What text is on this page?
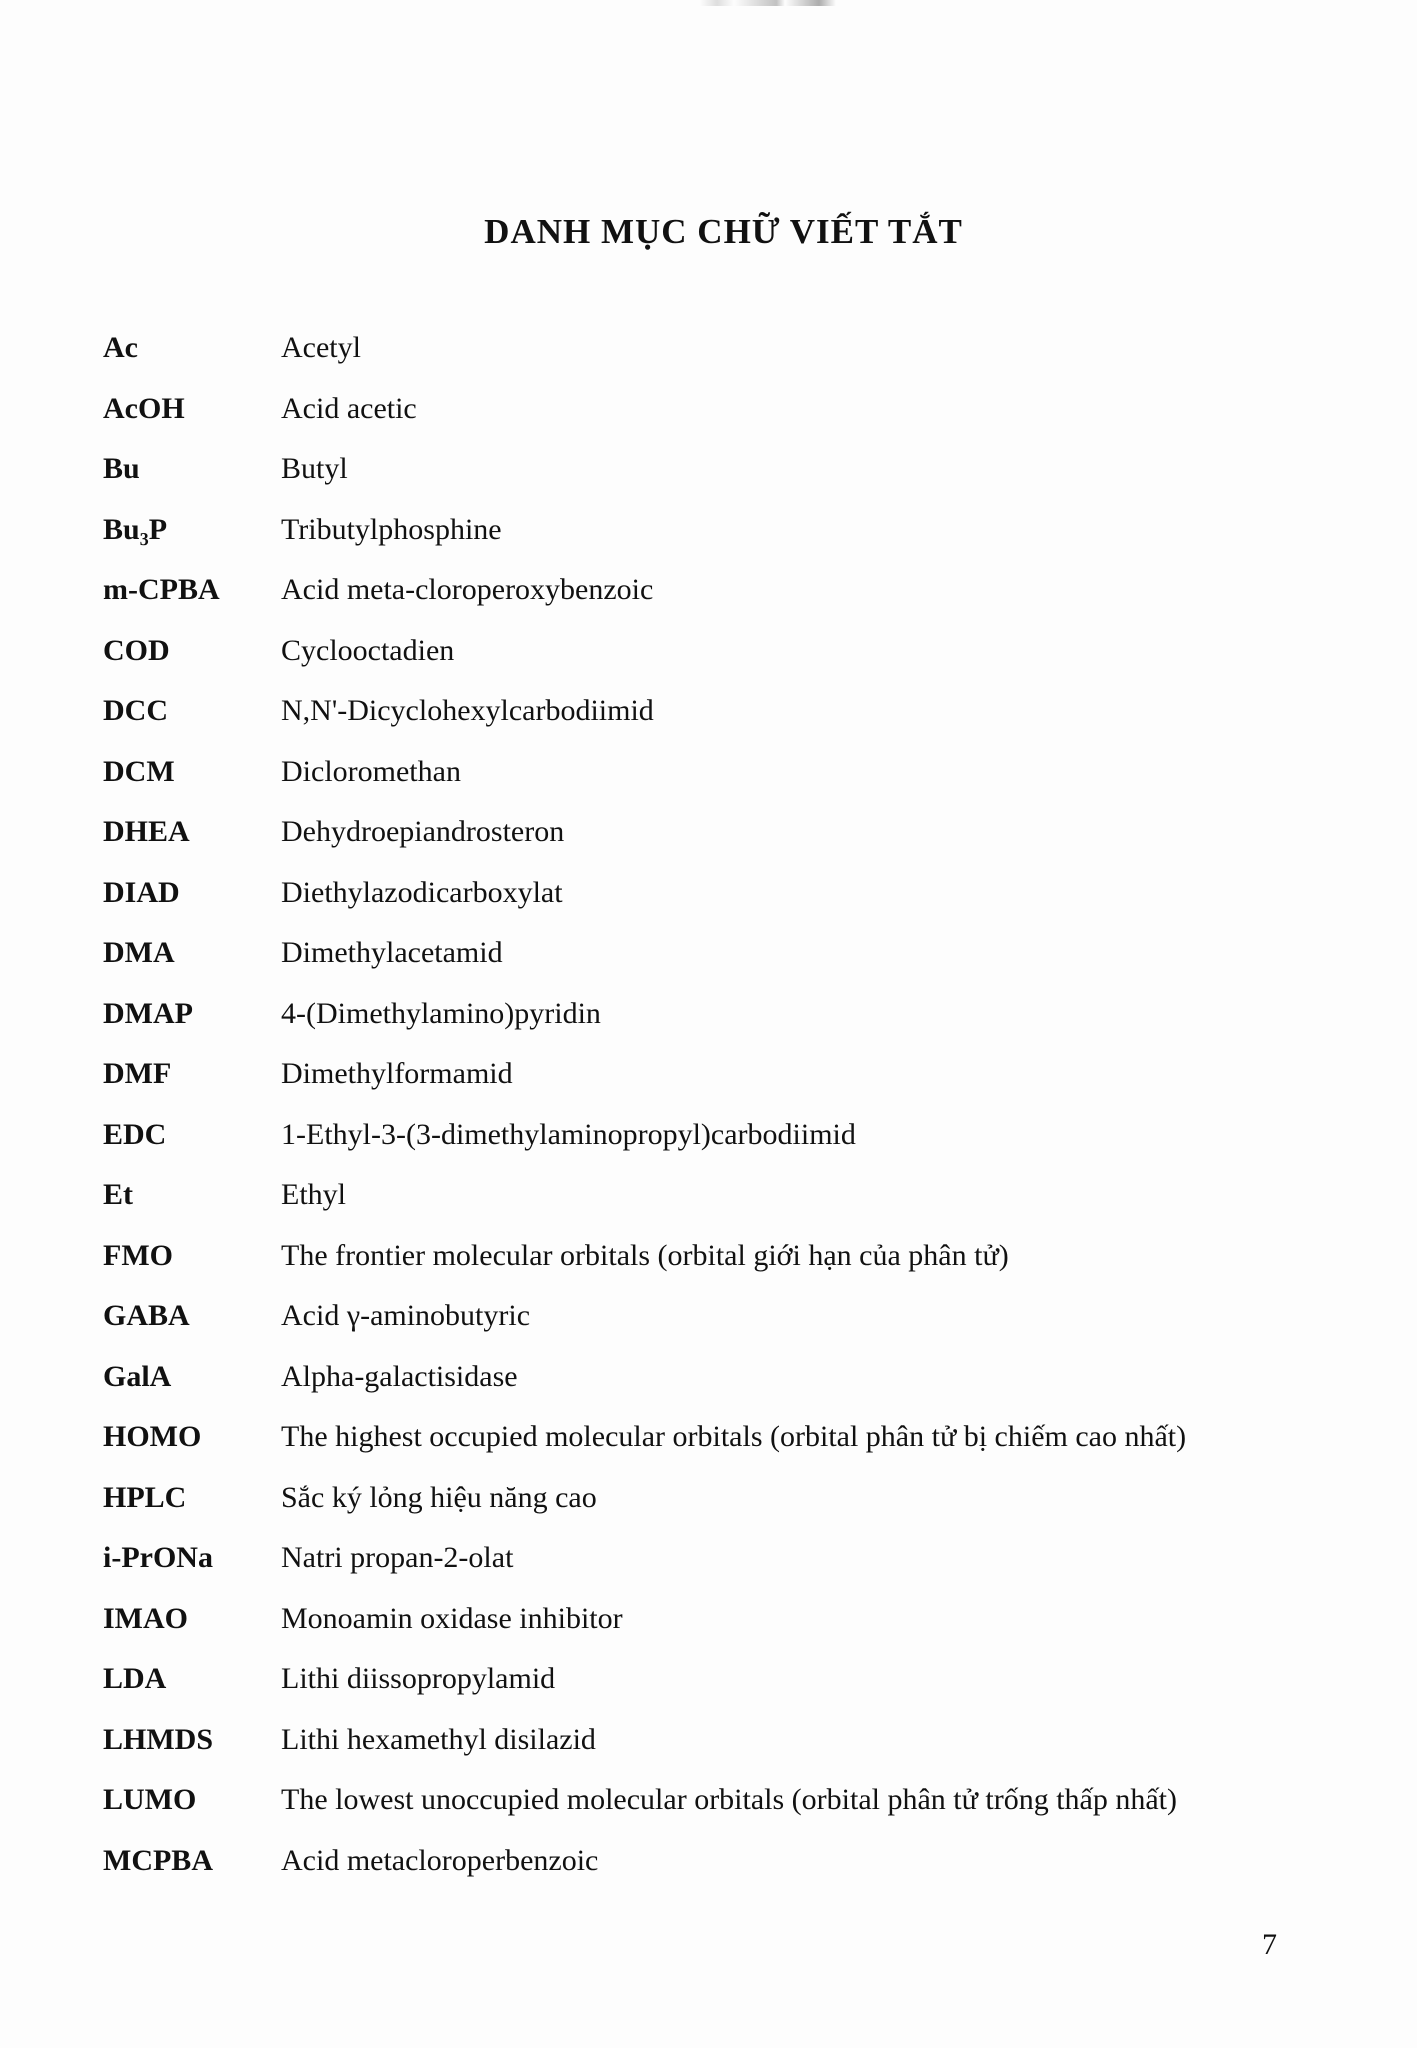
DANH MỤC CHỮ VIẾT TẮT
Ac	Acetyl
AcOH	Acid acetic
Bu	Butyl
Bu₃P	Tributylphosphine
m-CPBA	Acid meta-cloroperoxybenzoic
COD	Cyclooctadien
DCC	N,N'-Dicyclohexylcarbodiimid
DCM	Dicloromethan
DHEA	Dehydroepiandrosteron
DIAD	Diethylazodicarboxylat
DMA	Dimethylacetamid
DMAP	4-(Dimethylamino)pyridin
DMF	Dimethylformamid
EDC	1-Ethyl-3-(3-dimethylaminopropyl)carbodiimid
Et	Ethyl
FMO	The frontier molecular orbitals (orbital giới hạn của phân tử)
GABA	Acid γ-aminobutyric
GalA	Alpha-galactisidase
HOMO	The highest occupied molecular orbitals (orbital phân tử bị chiếm cao nhất)
HPLC	Sắc ký lỏng hiệu năng cao
i-PrONa	Natri propan-2-olat
IMAO	Monoamin oxidase inhibitor
LDA	Lithi diissopropylamid
LHMDS	Lithi hexamethyl disilazid
LUMO	The lowest unoccupied molecular orbitals (orbital phân tử trống thấp nhất)
MCPBA	Acid metacloroperbenzoic

7
